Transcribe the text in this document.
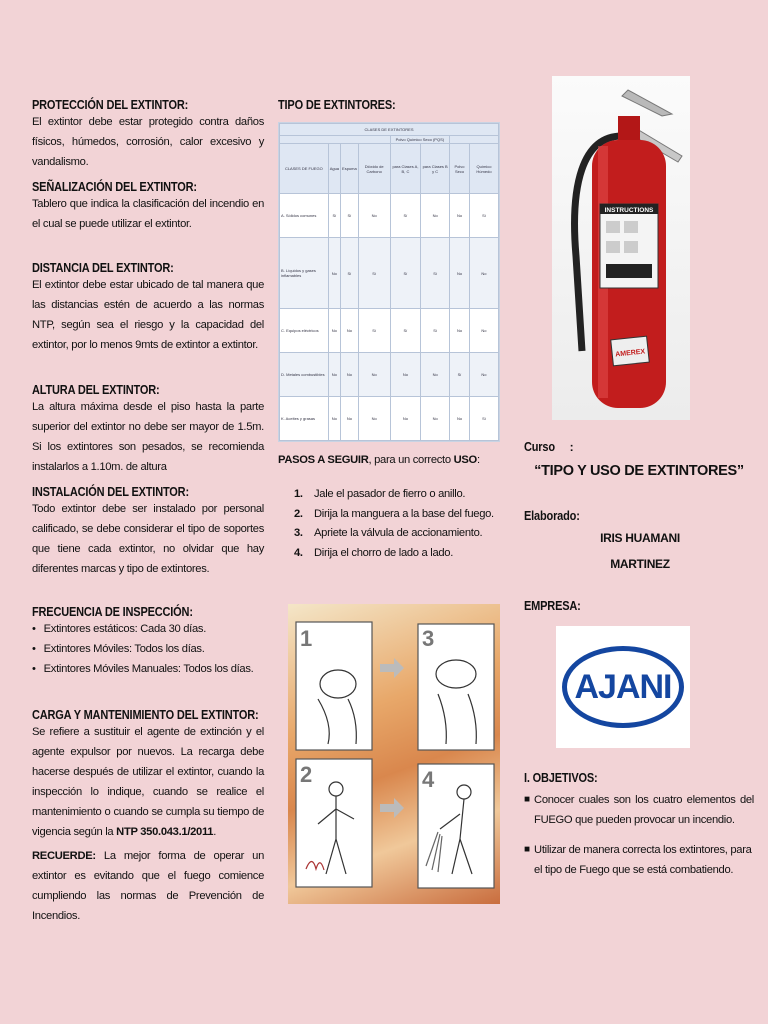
PROTECCIÓN DEL EXTINTOR:

El extintor debe estar protegido contra daños físicos, húmedos, corrosión, calor excesivo y vandalismo.

SEÑALIZACIÓN DEL EXTINTOR:

Tablero que indica la clasificación del incendio en el cual se puede utilizar el extintor.

DISTANCIA DEL EXTINTOR:

El extintor debe estar ubicado de tal manera que las distancias estén de acuerdo a las normas NTP, según sea el riesgo y la capacidad del extintor, por lo menos 9mts de extintor a extintor.

ALTURA DEL EXTINTOR:

La altura máxima desde el piso hasta la parte superior del extintor no debe ser mayor de 1.5m. Si los extintores son pesados, se recomienda instalarlos a 1.10m. de altura

INSTALACIÓN DEL EXTINTOR:

Todo extintor debe ser instalado por personal calificado, se debe considerar el tipo de soportes que tiene cada extintor, no olvidar que hay diferentes marcas y tipo de extintores.

FRECUENCIA DE INSPECCIÓN:

• Extintores estáticos: Cada 30 días.
• Extintores Móviles: Todos los días.
• Extintores Móviles Manuales: Todos los días.

CARGA Y MANTENIMIENTO DEL EXTINTOR:

Se refiere a sustituir el agente de extinción y el agente expulsor por nuevos. La recarga debe hacerse después de utilizar el extintor, cuando la inspección lo indique, cuando se realice el mantenimiento o cuando se cumpla su tiempo de vigencia según la NTP 350.043.1/2011.

RECUERDE: La mejor forma de operar un extintor es evitando que el fuego comience cumpliendo las normas de Prevención de Incendios.

TIPO DE EXTINTORES:

CLASES DE EXTINTORES							
				Polvo Químico Seco (PQS)			
CLASES DE FUEGO	Agua	Espuma	Dióxido de Carbono	para Clases A, B, C	para Clases B y C	Polvo Seco	Químico Húmedo
A. Sólidos comunes	Sí	Sí	No	Sí	No	No	Sí
B. Líquidos y gases inflamables	No	Sí	Sí	Sí	Sí	No	No
C. Equipos eléctricos	No	No	Sí	Sí	Sí	No	No
D. Metales combustibles	No	No	No	No	No	Sí	No
K. Aceites y grasas	No	No	No	No	No	No	Sí

PASOS A SEGUIR, para un correcto USO:

1. Jale el pasador de fierro o anillo.
2. Dirija la manguera a la base del fuego.
3. Apriete la válvula de accionamiento.
4. Dirija el chorro de lado a lado.
1	3
2	4
INSTRUCTIONS
AMEREX
Curso :

“TIPO Y USO DE EXTINTORES”

Elaborado:

IRIS HUAMANI

MARTINEZ

EMPRESA:

AJANI

I. OBJETIVOS:

■ Conocer cuales son los cuatro elementos del FUEGO que pueden provocar un incendio.

■ Utilizar de manera correcta los extintores, para el tipo de Fuego que se está combatiendo.
